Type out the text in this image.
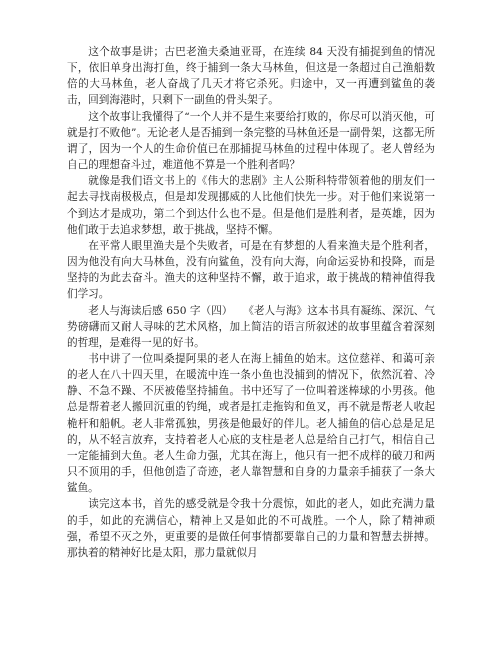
这个故事是讲；古巴老渔夫桑迪亚哥，在连续 84 天没有捕捉到鱼的情况下，依旧单身出海打鱼，终于捕到一条大马林鱼，但这是一条超过自己渔船数倍的大马林鱼，老人奋战了几天才将它杀死。归途中，又一再遭到鲨鱼的袭击，回到海港时，只剩下一副鱼的骨头架子。

这个故事让我懂得了“一个人并不是生来要给打败的，你尽可以消灭他，可就是打不败他”。无论老人是否捕到一条完整的马林鱼还是一副骨架，这都无所谓了，因为一个人的生命价值已在那捕捉马林鱼的过程中体现了。老人曾经为自己的理想奋斗过，难道他不算是一个胜利者吗？

就像是我们语文书上的《伟大的悲剧》主人公斯科特带领着他的朋友们一起去寻找南极极点，但是却发现挪威的人比他们快先一步。对于他们来说第一个到达才是成功，第二个到达什么也不是。但是他们是胜利者，是英雄，因为他们敢于去追求梦想，敢于挑战，坚持不懈。

在平常人眼里渔夫是个失败者，可是在有梦想的人看来渔夫是个胜利者，因为他没有向大马林鱼，没有向鲨鱼，没有向大海，向命运妥协和投降，而是坚持的为此去奋斗。渔夫的这种坚持不懈，敢于追求，敢于挑战的精神值得我们学习。

老人与海读后感 650 字（四）　　《老人与海》这本书具有凝练、深沉、气势磅礴而又耐人寻味的艺术风格，加上简洁的语言所叙述的故事里蕴含着深刻的哲理，是难得一见的好书。

书中讲了一位叫桑提阿果的老人在海上捕鱼的始末。这位慈祥、和蔼可亲的老人在八十四天里，在暖流中连一条小鱼也没捕到的情况下，依然沉着、冷静、不急不躁、不厌被倦坚持捕鱼。书中还写了一位叫着迷棒球的小男孩。他总是帮着老人搬回沉重的钓绳，或者是扛走拖钩和鱼叉，再不就是帮老人收起桅杆和船帆。老人非常孤独，男孩是他最好的伴儿。老人捕鱼的信心总是足足的，从不轻言放弃，支持着老人心底的支柱是老人总是给自己打气，相信自己一定能捕到大鱼。老人生命力强，尤其在海上，他只有一把不成样的破刀和两只不顶用的手，但他创造了奇迹，老人靠智慧和自身的力量亲手捕获了一条大鲨鱼。

读完这本书，首先的感受就是令我十分震惊，如此的老人，如此充满力量的手，如此的充满信心，精神上又是如此的不可战胜。一个人，除了精神顽强，希望不灭之外，更重要的是做任何事情都要靠自己的力量和智慧去拼搏。那执着的精神好比是太阳，那力量就似月
